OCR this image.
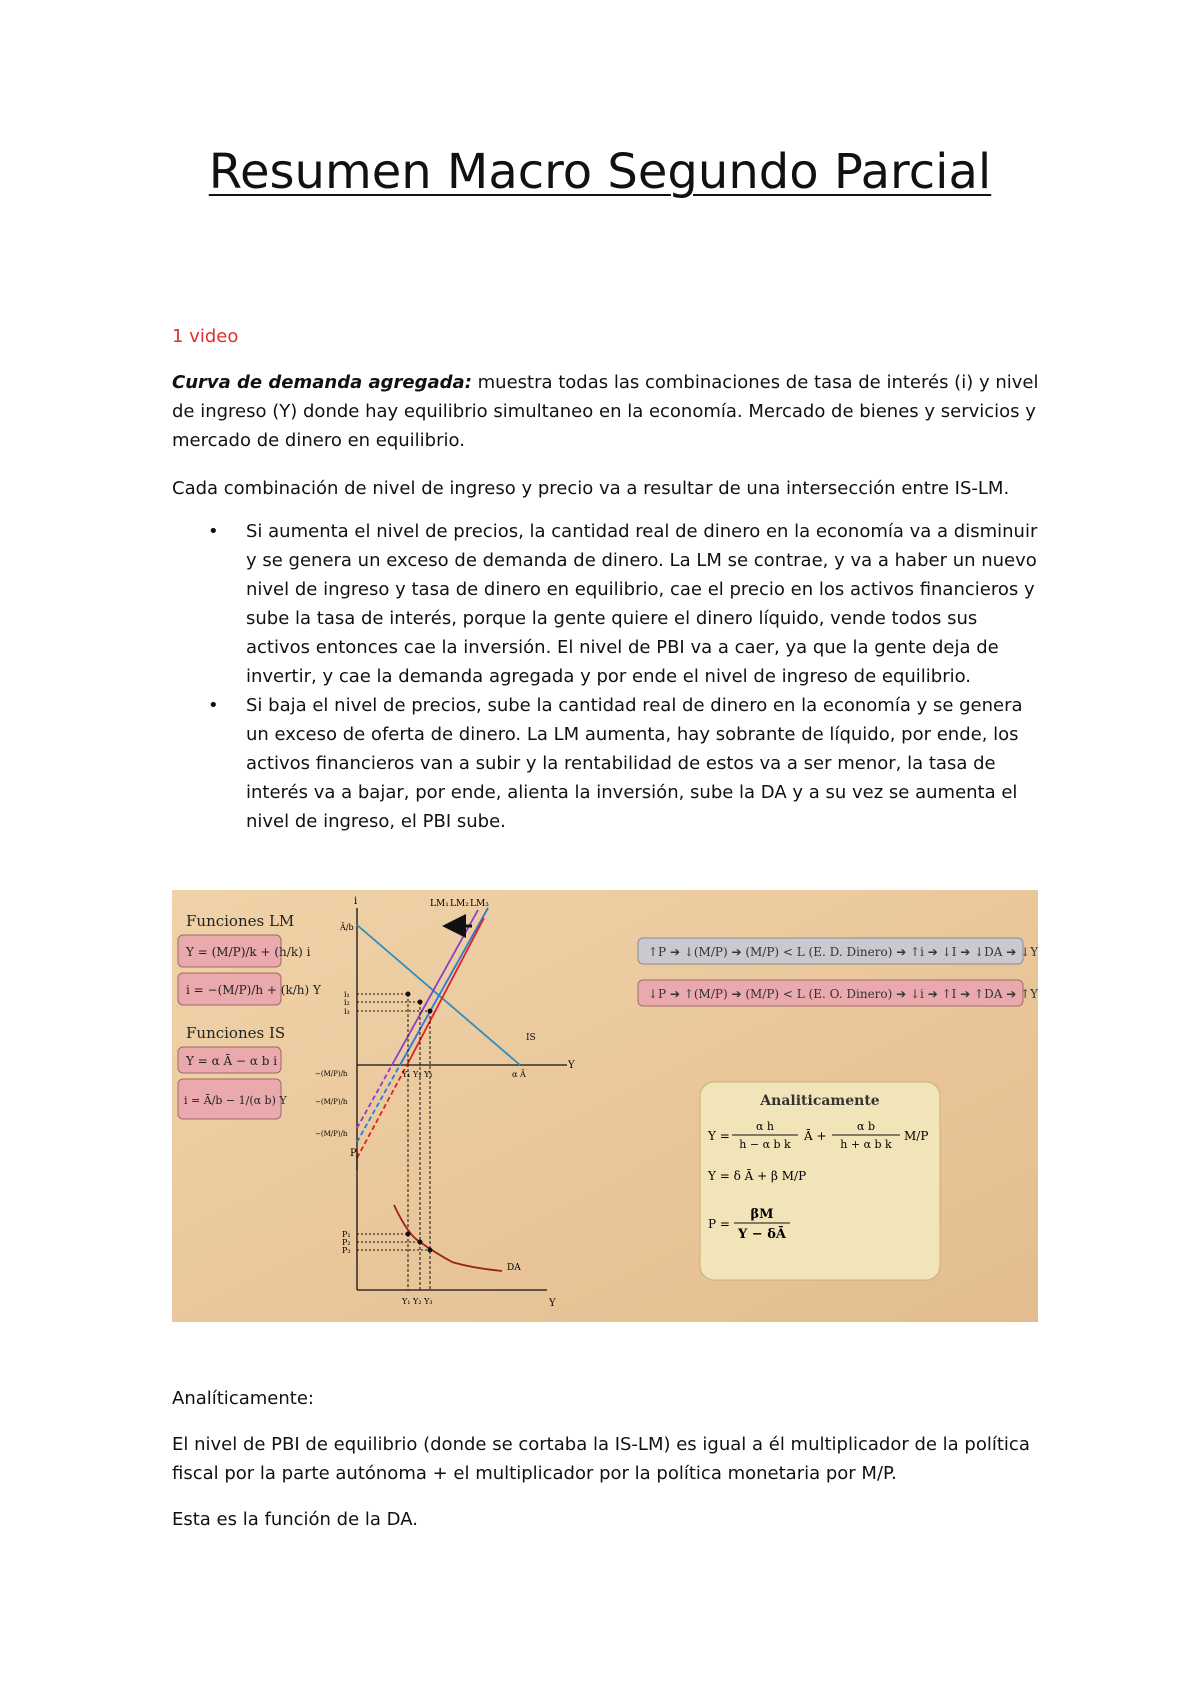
Resumen Macro Segundo Parcial

1 video

Curva de demanda agregada: muestra todas las combinaciones de tasa de interés (i) y nivel de ingreso (Y) donde hay equilibrio simultaneo en la economía. Mercado de bienes y servicios y mercado de dinero en equilibrio.

Cada combinación de nivel de ingreso y precio va a resultar de una intersección entre IS-LM.

• Si aumenta el nivel de precios, la cantidad real de dinero en la economía va a disminuir y se genera un exceso de demanda de dinero. La LM se contrae, y va a haber un nuevo nivel de ingreso y tasa de dinero en equilibrio, cae el precio en los activos financieros y sube la tasa de interés, porque la gente quiere el dinero líquido, vende todos sus activos entonces cae la inversión. El nivel de PBI va a caer, ya que la gente deja de invertir, y cae la demanda agregada y por ende el nivel de ingreso de equilibrio.
• Si baja el nivel de precios, sube la cantidad real de dinero en la economía y se genera un exceso de oferta de dinero. La LM aumenta, hay sobrante de líquido, por ende, los activos financieros van a subir y la rentabilidad de estos va a ser menor, la tasa de interés va a bajar, por ende, alienta la inversión, sube la DA y a su vez se aumenta el nivel de ingreso, el PBI sube.
Funciones LM
Y = (M/P)/k + (h/k) i
i = −(M/P)/h + (k/h) Y
Funciones IS
Y = α Ā − α b i
i = Ā/b − 1/(α b) Y
i
Y
IS
LM₁ LM₂ LM₃
i₁
i₂
i₃
Ā/b
Y₁ Y₂ Y₃	α Ā
−(M/P)/h
−(M/P)/h
−(M/P)/h
P
Y
DA
P₁
P₂
P₃
Y₁ Y₂ Y₃
↑P ➔ ↓(M/P) ➔ (M/P) < L (E. D. Dinero) ➔ ↑i ➔ ↓I ➔ ↓DA ➔ ↓Y
↓P ➔ ↑(M/P) ➔ (M/P) < L (E. O. Dinero) ➔ ↓i ➔ ↑I ➔ ↑DA ➔ ↑Y
Analiticamente
Y =
α h
h − α b k
Ā +
α b
h + α b k
M/P
Y = δ Ā + β M/P
P =
βM
Y − δĀ

Analíticamente:

El nivel de PBI de equilibrio (donde se cortaba la IS-LM) es igual a él multiplicador de la política fiscal por la parte autónoma + el multiplicador por la política monetaria por M/P.

Esta es la función de la DA.
